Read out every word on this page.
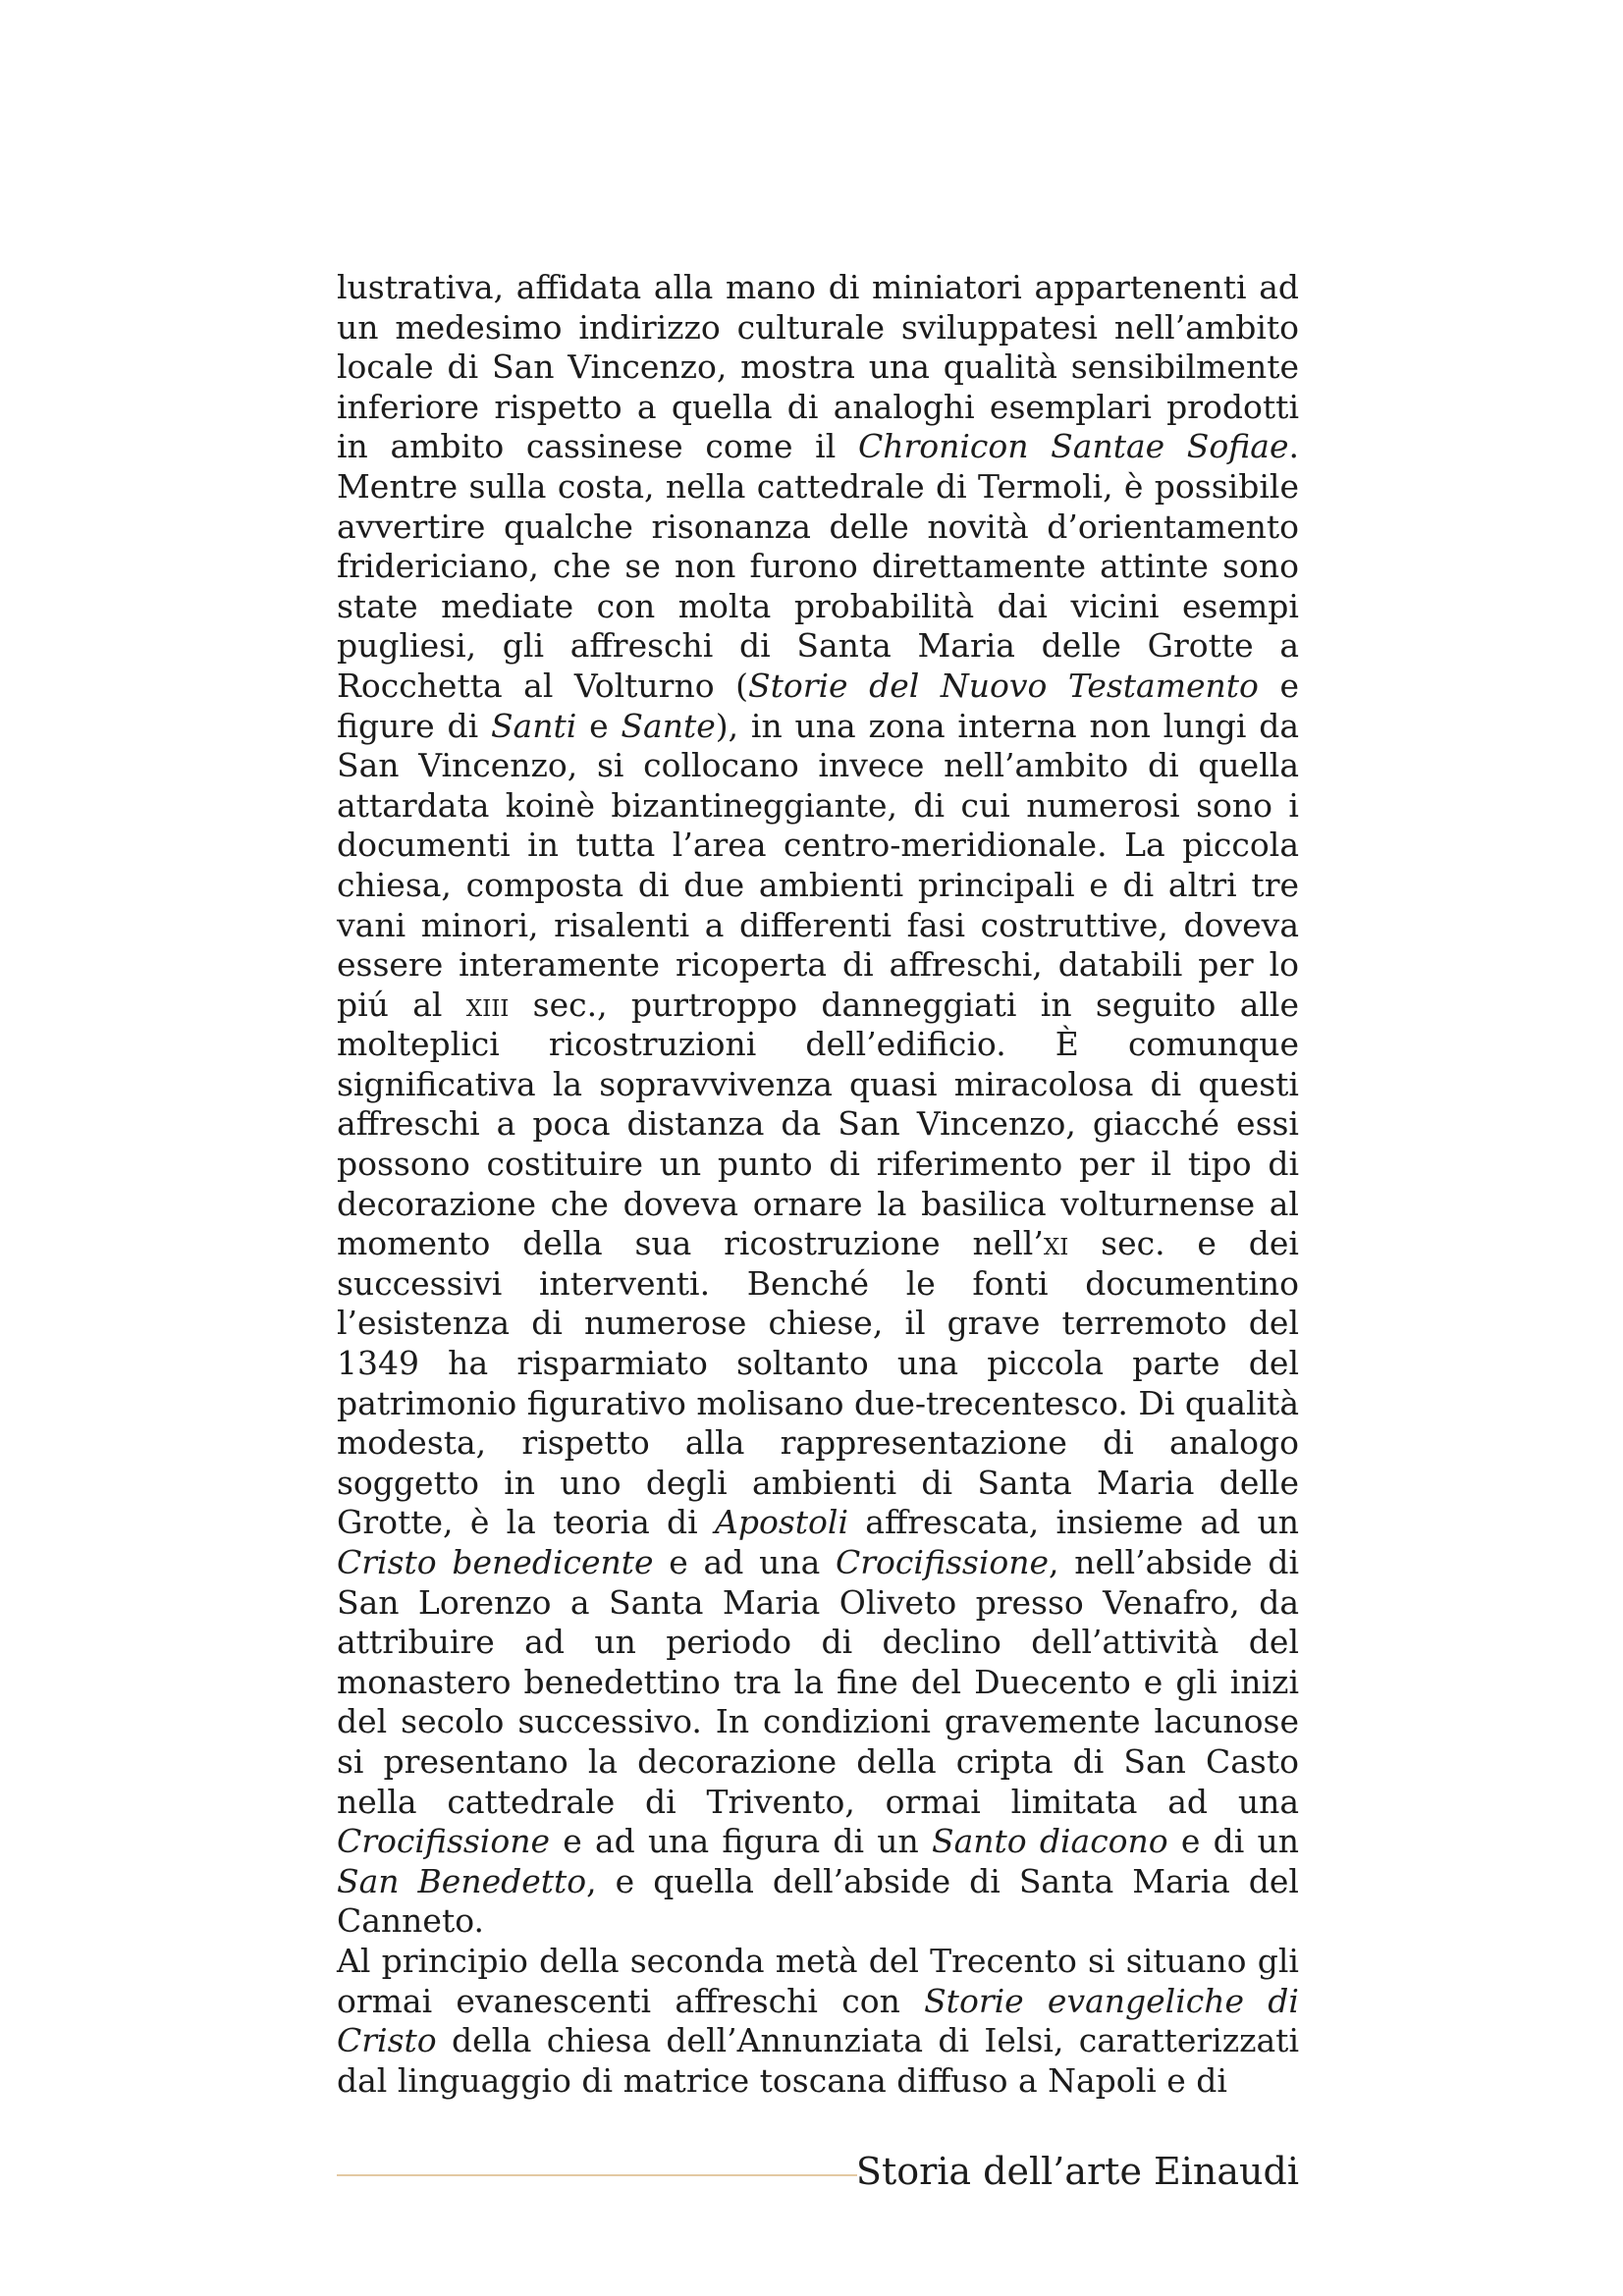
lustrativa, affidata alla mano di miniatori appartenenti ad un medesimo indirizzo culturale sviluppatesi nell’ambito locale di San Vincenzo, mostra una qualità sensibilmente inferiore rispetto a quella di analoghi esemplari prodotti in ambito cassinese come il Chronicon Santae Sofiae. Mentre sulla costa, nella cattedrale di Termoli, è possibile avvertire qualche risonanza delle novità d’orientamento fridericiano, che se non furono direttamente attinte sono state mediate con molta probabilità dai vicini esempi pugliesi, gli affreschi di Santa Maria delle Grotte a Rocchetta al Volturno (Storie del Nuovo Testamento e figure di Santi e Sante), in una zona interna non lungi da San Vincenzo, si collocano invece nell’ambito di quella attardata koinè bizantineggiante, di cui numerosi sono i documenti in tutta l’area centro-meridionale. La piccola chiesa, composta di due ambienti principali e di altri tre vani minori, risalenti a differenti fasi costruttive, doveva essere interamente ricoperta di affreschi, databili per lo piú al xiii sec., purtroppo danneggiati in seguito alle molteplici ricostruzioni dell’edificio. È comunque significativa la sopravvivenza quasi miracolosa di questi affreschi a poca distanza da San Vincenzo, giacché essi possono costituire un punto di riferimento per il tipo di decorazione che doveva ornare la basilica volturnense al momento della sua ricostruzione nell’xi sec. e dei successivi interventi. Benché le fonti documentino l’esistenza di numerose chiese, il grave terremoto del 1349 ha risparmiato soltanto una piccola parte del patrimonio figurativo molisano due-trecentesco. Di qualità modesta, rispetto alla rappresentazione di analogo soggetto in uno degli ambienti di Santa Maria delle Grotte, è la teoria di Apostoli affrescata, insieme ad un Cristo benedicente e ad una Crocifissione, nell’abside di San Lorenzo a Santa Maria Oliveto presso Venafro, da attribuire ad un periodo di declino dell’attività del monastero benedettino tra la fine del Duecento e gli inizi del secolo successivo. In condizioni gravemente lacunose si presentano la decorazione della cripta di San Casto nella cattedrale di Trivento, ormai limitata ad una Crocifissione e ad una figura di un Santo diacono e di un San Benedetto, e quella dell’abside di Santa Maria del Canneto.

Al principio della seconda metà del Trecento si situano gli ormai evanescenti affreschi con Storie evangeliche di Cristo della chiesa dell’Annunziata di Ielsi, caratterizzati dal linguaggio di matrice toscana diffuso a Napoli e di

Storia dell’arte Einaudi
